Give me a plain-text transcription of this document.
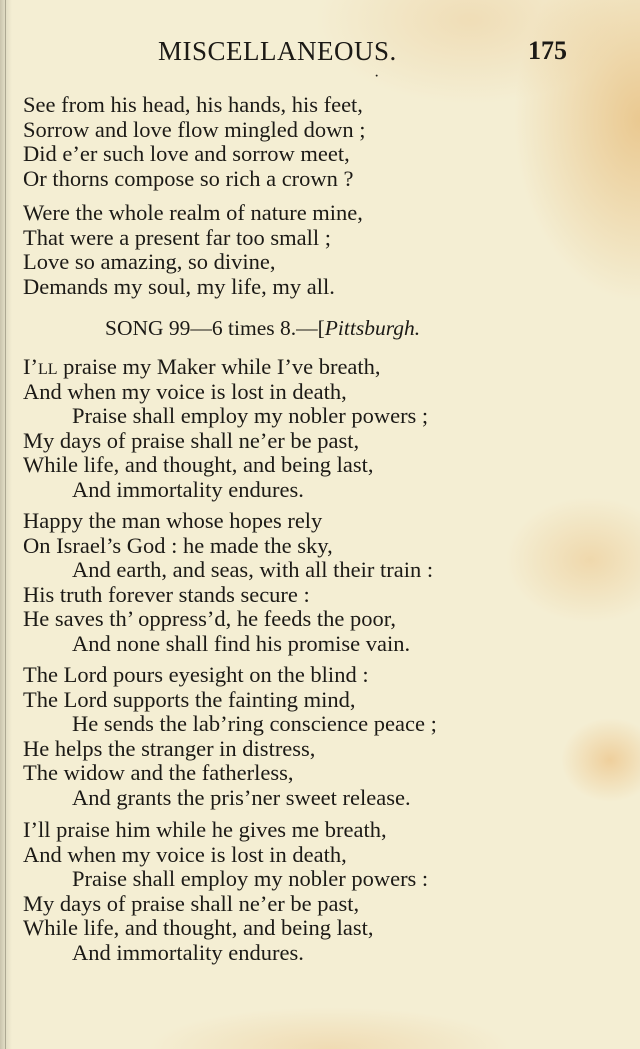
MISCELLANEOUS.	175
·
See from his head, his hands, his feet,
Sorrow and love flow mingled down ;
Did e’er such love and sorrow meet,
Or thorns compose so rich a crown ?
Were the whole realm of nature mine,
That were a present far too small ;
Love so amazing, so divine,
Demands my soul, my life, my all.
SONG 99—6 times 8.—[Pittsburgh.
I’ll praise my Maker while I’ve breath,
And when my voice is lost in death,
Praise shall employ my nobler powers ;
My days of praise shall ne’er be past,
While life, and thought, and being last,
And immortality endures.
Happy the man whose hopes rely
On Israel’s God : he made the sky,
And earth, and seas, with all their train :
His truth forever stands secure :
He saves th’ oppress’d, he feeds the poor,
And none shall find his promise vain.
The Lord pours eyesight on the blind :
The Lord supports the fainting mind,
He sends the lab’ring conscience peace ;
He helps the stranger in distress,
The widow and the fatherless,
And grants the pris’ner sweet release.
I’ll praise him while he gives me breath,
And when my voice is lost in death,
Praise shall employ my nobler powers :
My days of praise shall ne’er be past,
While life, and thought, and being last,
And immortality endures.
